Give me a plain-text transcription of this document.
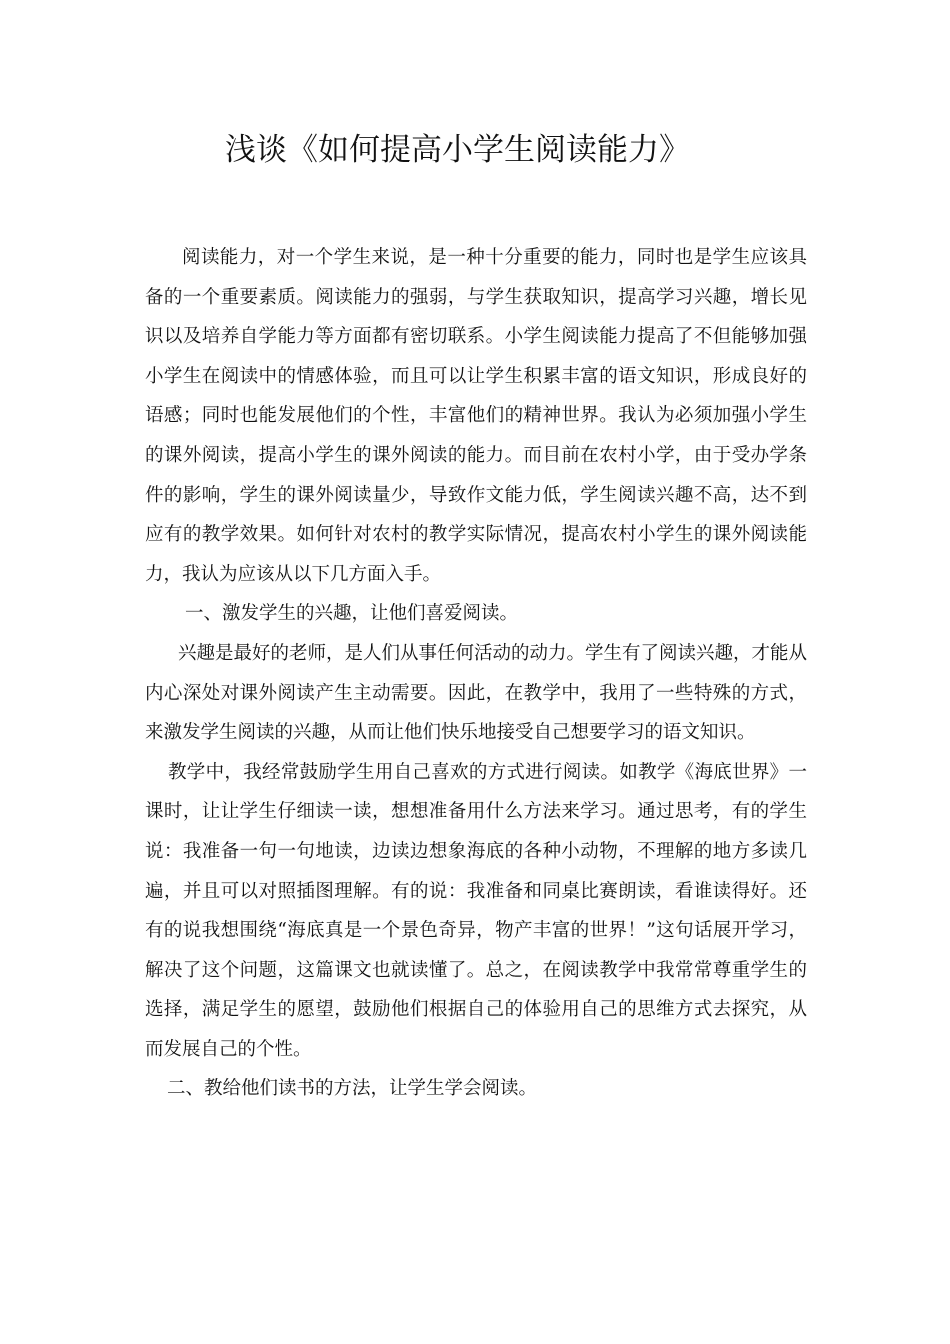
浅谈《如何提高小学生阅读能力》

阅读能力，对一个学生来说，是一种十分重要的能力，同时也是学生应该具备的一个重要素质。阅读能力的强弱，与学生获取知识，提高学习兴趣，增长见识以及培养自学能力等方面都有密切联系。小学生阅读能力提高了不但能够加强小学生在阅读中的情感体验，而且可以让学生积累丰富的语文知识，形成良好的语感；同时也能发展他们的个性，丰富他们的精神世界。我认为必须加强小学生的课外阅读，提高小学生的课外阅读的能力。而目前在农村小学，由于受办学条件的影响，学生的课外阅读量少，导致作文能力低，学生阅读兴趣不高，达不到应有的教学效果。如何针对农村的教学实际情况，提高农村小学生的课外阅读能力，我认为应该从以下几方面入手。

一、激发学生的兴趣，让他们喜爱阅读。

兴趣是最好的老师，是人们从事任何活动的动力。学生有了阅读兴趣，才能从内心深处对课外阅读产生主动需要。因此，在教学中，我用了一些特殊的方式，来激发学生阅读的兴趣，从而让他们快乐地接受自己想要学习的语文知识。

教学中，我经常鼓励学生用自己喜欢的方式进行阅读。如教学《海底世界》一课时，让让学生仔细读一读，想想准备用什么方法来学习。通过思考，有的学生说：我准备一句一句地读，边读边想象海底的各种小动物，不理解的地方多读几遍，并且可以对照插图理解。有的说：我准备和同桌比赛朗读，看谁读得好。还有的说我想围绕“海底真是一个景色奇异，物产丰富的世界！”这句话展开学习，解决了这个问题，这篇课文也就读懂了。总之，在阅读教学中我常常尊重学生的选择，满足学生的愿望，鼓励他们根据自己的体验用自己的思维方式去探究，从而发展自己的个性。

二、教给他们读书的方法，让学生学会阅读。
